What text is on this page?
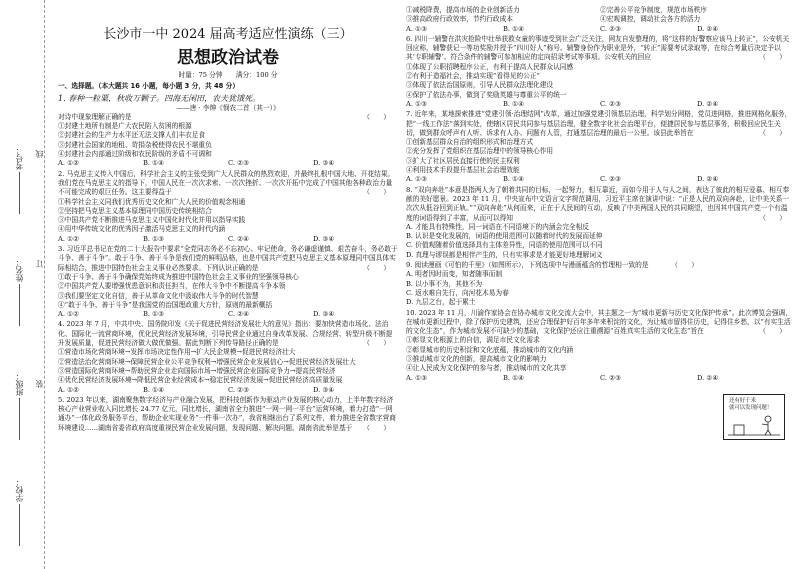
考号：
姓名：
班级：
学校：
线
订
装
长沙市一中 2024 届高考适应性演练（三）
思想政治试卷
时量：75 分钟　　满分：100 分

一、选择题。（本大题共 16 小题，每小题 3 分，共 48 分）

1. 春种一粒粟，秋收万颗子。四海无闲田，农夫犹饿死。

——唐 · 李绅《悯农二首（其一）》

对诗中现象理解正确的是	（　　）

①封建土地所有制是广大农民陷入贫困的根源

②封建社会的生产力水平还无法支撑人们丰衣足食

③封建社会国家的地租、苛捐杂税使得农民不堪重负

④封建社会内部通过阶级和农民阶级的矛盾不可调和

A. ①②	B. ①④	C. ②③	D. ③④

2. 马克思主义传入中国后，科学社会主义的主张受到广大人民群众的热烈欢迎，并最终扎根中国大地、开花结果。我们党在马克思主义的指导下，中国人民在一次次求索、一次次挫折、一次次开拓中完成了中国其他各种政治力量不可能完成的艰巨任务。这主要得益于	（　　）

①科学社会主义同我们优秀历史文化和广大人民的价值观念相通

②坚持把马克思主义基本原理同中国历史传统相结合

③中国共产党不断推进马克思主义中国化时代化并用以指导实践

④用中华传统文化的优秀因子激活马克思主义的时代内涵

A. ①②	B. ①③	C. ②④	D. ③④

3. 习近平总书记在党的二十大报告中要求“全党同志务必不忘初心、牢记使命，务必谦虚谨慎、艰苦奋斗，务必敢于斗争、善于斗争”。敢于斗争、善于斗争是我们党的鲜明品格，也是中国共产党把马克思主义基本原理同中国具体实际相结合，推进中国特色社会主义事业必然要求。下列认识正确的是	（　　）

①敢于斗争、善于斗争确保党始终成为推进中国特色社会主义事业的坚强领导核心

②中国共产党人要增强忧患意识和责任担当，在伟大斗争中不断提高斗争本领

③我们要坚定文化自信，善于从革命文化中汲取伟大斗争的时代智慧

④“敢于斗争、善于斗争”是我国党的治国理政重大方针，原则的最新概括

A. ①②	B. ①③	C. ②④	D. ③④

4. 2023 年 7 月，中共中央、国务院印发《关于促进民营经济发展壮大的意见》指出：要加快营造市场化、法治化、国际化一流营商环境，优化民营经济发展环境，引导民营企业通过自身改革发展、合规经营、转型升级不断提升发展质量，促进民营经济做大做优做强。据此判断下列传导路径正确的是	（　　）

①营造市场化营商环境→发挥市场决定性作用→扩大民企规模→促进民营经济壮大

②营造法治化营商环境→保障民营企业公平竞争权利→增强民营企业发展信心→促进民营经济发展壮大

③营造国际化营商环境→帮助民营企业走向国际市场→增强民营企业国际竞争力→提高民营经济

④优化民营经济发展环境→降低民营企业经营成本→稳定民营经济发展→促进民营经济高质量发展

A. ①②	B. ①④	C. ②③	D. ③④

5. 2023 年以来，湖南聚焦数字经济与产业融合发展，把科技创新作为驱动产业发展的核心动力，上半年数字经济核心产业营业收入同比增长 24.77 亿元，同比增长，湖南省全力推进“一网一网一平台”运营环境，着力打造“一网通办”一体化政务服务平台，帮助企业实现业务“一件事一次办”，我省相继出台了系列文件，着力推进全省数字营商环境建设……湖南省委省政府高度重视民营企业发展问题，发现问题、解决问题。湖南省此举是基于 （　　）

①减税降费，提高市场的企业创新活力	②完善公平竞争制度，规范市场秩序
③推高政府行政效率，节约行政成本	④宏观调控，调动社会各方的活力
A. ①③	B. ①④	C. ②③	D. ②④

6. 四川一辅警在洪灾抢险中壮举获救女童的事迹受到社会广泛关注，网友自发整理的，将“这样的好警察应该马上转正”，公安机关回应称，辅警获记一等功奖励并授予“四川好人”称号。辅警身份作为职业是外，“转正”需要考试录取等，在综合考量后决定予以其‘专职辅警’。符合条件的辅警可参加相应的定向招录考试等事项。公安机关的回应	（　　）

①体现了公职招聘程序公正，有利于提高人民群众认同感

②有利于造福社会，推动实现“看得见的公正”

③体现了依法治国原则，引导人民群众法理化建设

④保护了依法办事，做到了奖励英雄与尊重公平的统一

A. ①③	B. ①④	C. ②③	D. ②④

7. 近年来，某地探索推进“党建引领·治理结网”改革，通过加强党建引领基层治理，科学划分网格，党员进网格，推进网格化服务，把“一线工作法”落到实处，使辖区居民共同参与基层治理，健全数字化社会治理平台，便捷居民参与基层事务，积极回应民生关切，做到群众呼声有人听、诉求有人办、问题有人管，打通基层治理的最后一公里。该县此举旨在	（　　）

①创新基层群众自治的组织形式和治理方式

②充分发挥了党组织在基层治理中的领导核心作用

③扩大了社区居民直接行使的民主权利

④利用技术手段提升基层社会治理效能

A. ①③	B. ①④	C. ②③	D. ②④

8. “双向奔赴”本意是指两人为了朝着共同的目标，一起努力，相互靠近，而如今用于人与人之间，表达了彼此的相互爱慕、相互奉献的美好愿景。2023 年 11 月，中央宣布中文语言文字规范调用，习近平主席在演讲中说：“正是人民的双向奔赴，让中美关系一次次从低谷回到正轨。”“双向奔赴”从何而来，正在于人民间的互动，反映了中美两国人民的共同期望，也因其中国共产党一个有温度的词语得到了丰富，从而可以得知	（　　）

A. 才能具有特殊性，同一词语在不同语境下的内涵会完全相反

B. 认识是变化发展的，词语的使用范围可以随着时代的发展而延伸

C. 价值观随着价值选择具有主体差异性，同语的使用范围可以不同

D. 真理与谬误都是相伴产生的，只有实事求是才能更好地理解词义

9. 阅读漫画《可怕的千里》（如图所示），下列选项中与漫画蕴含的哲理相一致的是	（　　）

A. 明者因时而变，知者随事而制

B. 以小事不为，其他不为

C. 返水难自先行，向河花木易为春

D. 九层之台，起于累土

10. 2023 年 11 月，川渝作家协会在协办城市文化交流大会中，其主题之一为“城市更新与历史文化保护传承”。此次博览会强调，在城市更新过程中，除了保护历史建筑，还应合理保护好百年多年来积淀的文化，为让城市留得住历史，记得住乡愁，以“有实生活的文化生态”，作为城市发展不可缺少的基础，文化保护还应注重溯源“百姓真实生活的文化生态”旨在	（　　）

①彰显文化根源上的自信，满足市民文化需求

②彰显城市的历史积淀和文化底蕴，推动城市的文化内涵

③推动城市文化的创新，提高城市文化的影响力

④让人民成为文化保护的参与者，推动城市的文化共享

A. ①③	B. ①④	C. ②③	D. ②④
还有好千米
就可以发现问题！
